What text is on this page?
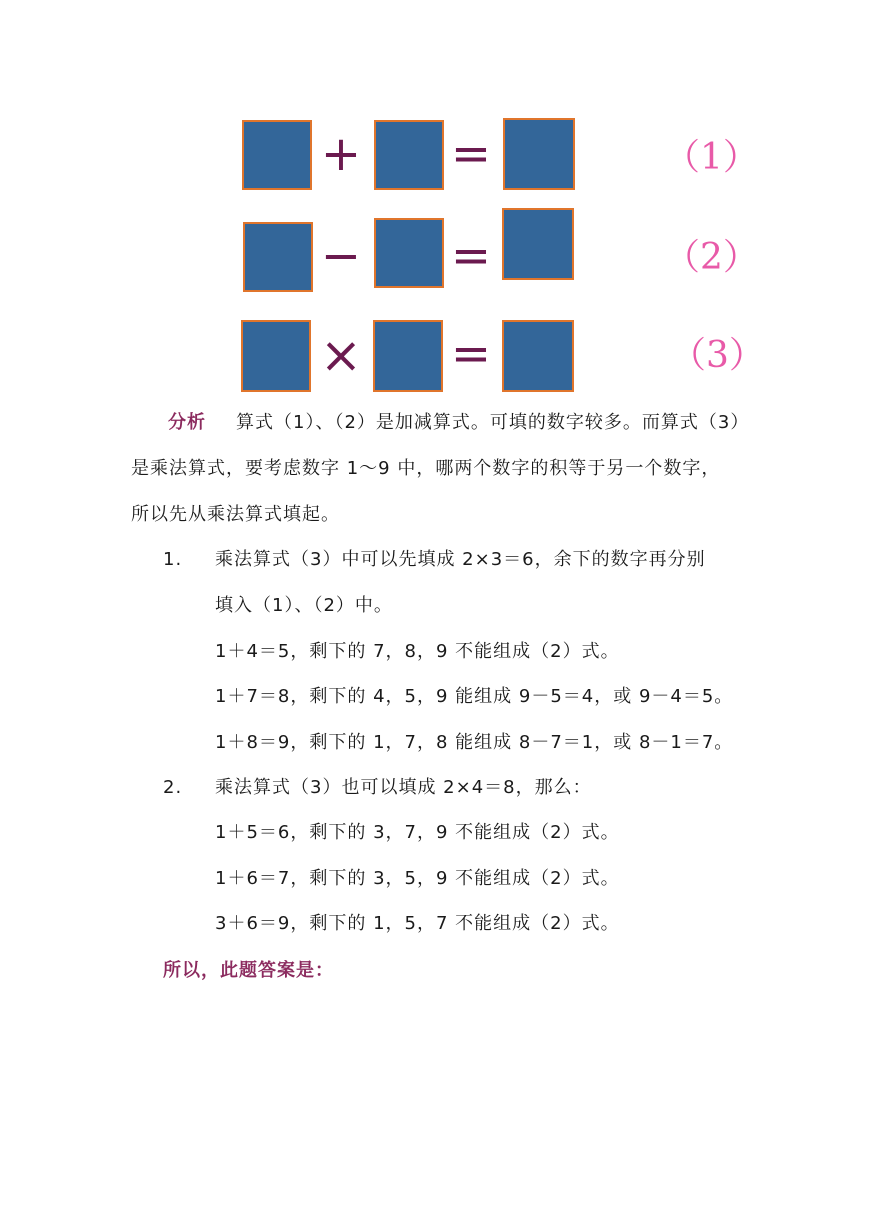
+ =	（1）
− =	（2）
× =	（3）
分析 算式（1）、（2）是加减算式。可填的数字较多。而算式（3）
是乘法算式，要考虑数字 1～9 中，哪两个数字的积等于另一个数字，
所以先从乘法算式填起。
1. 乘法算式（3）中可以先填成 2×3＝6，余下的数字再分别
填入（1）、（2）中。
1＋4＝5，剩下的 7，8，9 不能组成（2）式。
1＋7＝8，剩下的 4，5，9 能组成 9－5＝4，或 9－4＝5。
1＋8＝9，剩下的 1，7，8 能组成 8－7＝1，或 8－1＝7。
2. 乘法算式（3）也可以填成 2×4＝8，那么：
1＋5＝6，剩下的 3，7，9 不能组成（2）式。
1＋6＝7，剩下的 3，5，9 不能组成（2）式。
3＋6＝9，剩下的 1，5，7 不能组成（2）式。
所以，此题答案是：
